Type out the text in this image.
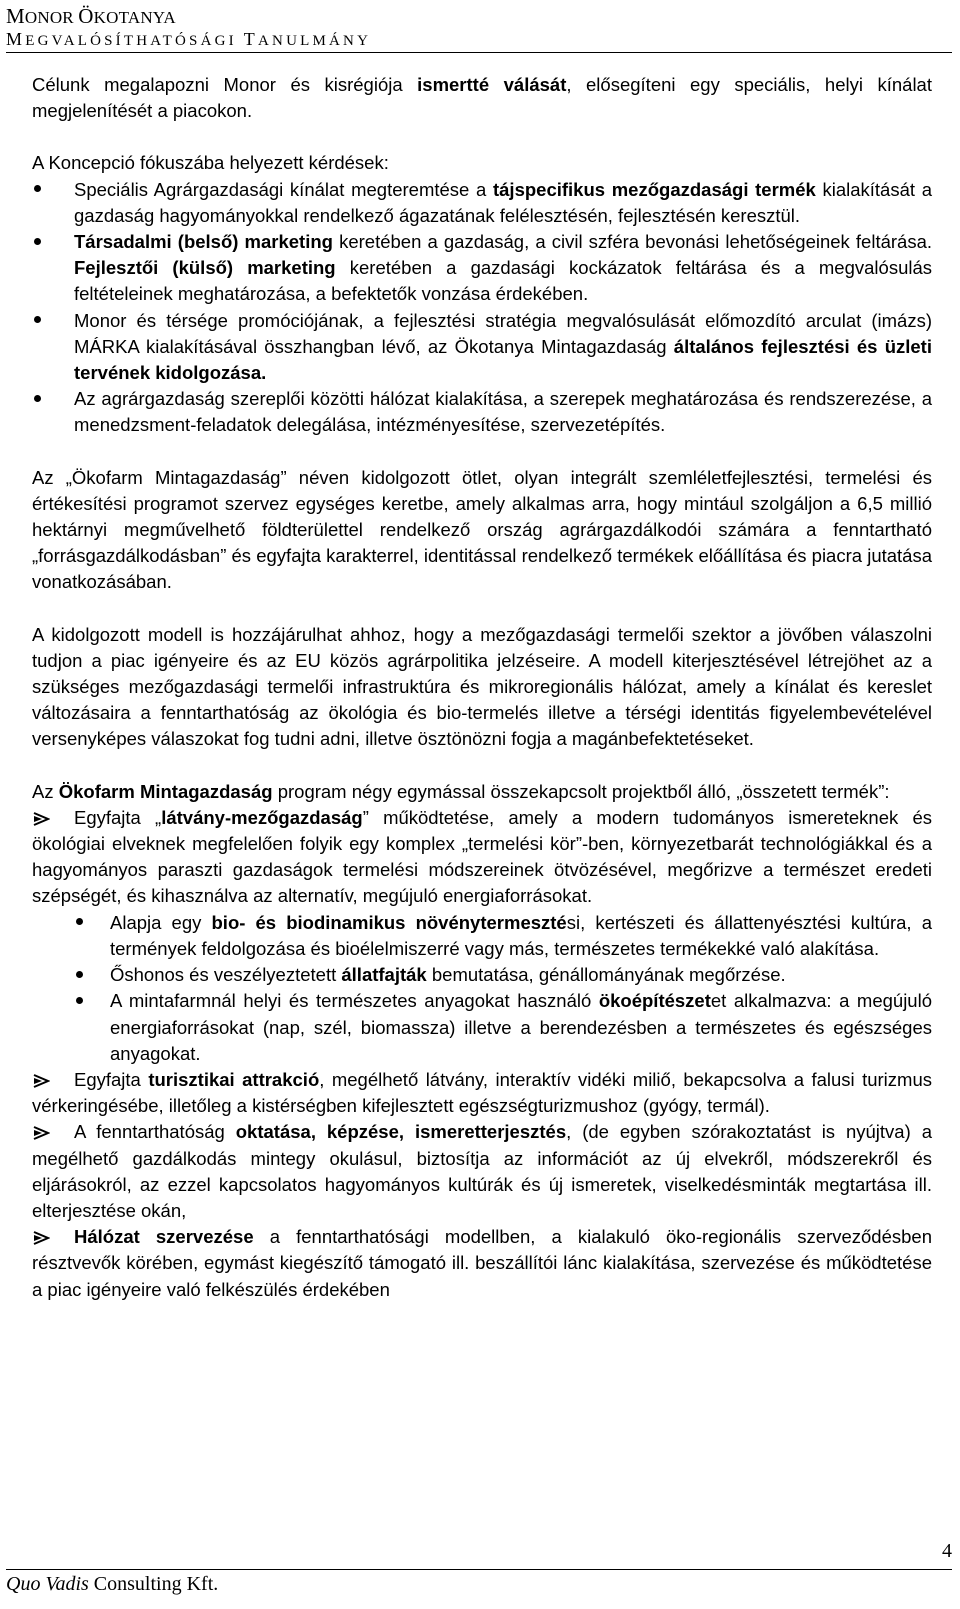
MONOR ÖKOTANYA
MEGVALÓSÍTHATÓSÁGI TANULMÁNY

Célunk megalapozni Monor és kisrégiója ismertté válását, elősegíteni egy speciális, helyi kínálat megjelenítését a piacokon.

A Koncepció fókuszába helyezett kérdések:

Speciális Agrárgazdasági kínálat megteremtése a tájspecifikus mezőgazdasági termék kialakítását a gazdaság hagyományokkal rendelkező ágazatának felélesztésén, fejlesztésén keresztül.
Társadalmi (belső) marketing keretében a gazdaság, a civil szféra bevonási lehetőségeinek feltárása. Fejlesztői (külső) marketing keretében a gazdasági kockázatok feltárása és a megvalósulás feltételeinek meghatározása, a befektetők vonzása érdekében.
Monor és térsége promóciójának, a fejlesztési stratégia megvalósulását előmozdító arculat (imázs) MÁRKA kialakításával összhangban lévő, az Ökotanya Mintagazdaság általános fejlesztési és üzleti tervének kidolgozása.
Az agrárgazdaság szereplői közötti hálózat kialakítása, a szerepek meghatározása és rendszerezése, a menedzsment-feladatok delegálása, intézményesítése, szervezetépítés.

Az „Ökofarm Mintagazdaság” néven kidolgozott ötlet, olyan integrált szemléletfejlesztési, termelési és értékesítési programot szervez egységes keretbe, amely alkalmas arra, hogy mintául szolgáljon a 6,5 millió hektárnyi megművelhető földterülettel rendelkező ország agrárgazdálkodói számára a fenntartható „forrásgazdálkodásban” és egyfajta karakterrel, identitással rendelkező termékek előállítása és piacra jutatása vonatkozásában.

A kidolgozott modell is hozzájárulhat ahhoz, hogy a mezőgazdasági termelői szektor a jövőben válaszolni tudjon a piac igényeire és az EU közös agrárpolitika jelzéseire. A modell kiterjesztésével létrejöhet az a szükséges mezőgazdasági termelői infrastruktúra és mikroregionális hálózat, amely a kínálat és kereslet változásaira a fenntarthatóság az ökológia és bio-termelés illetve a térségi identitás figyelembevételével versenyképes válaszokat fog tudni adni, illetve ösztönözni fogja a magánbefektetéseket.

Az Ökofarm Mintagazdaság program négy egymással összekapcsolt projektből álló, „összetett termék”:

Egyfajta „látvány-mezőgazdaság” működtetése, amely a modern tudományos ismereteknek és ökológiai elveknek megfelelően folyik egy komplex „termelési kör”-ben, környezetbarát technológiákkal és a hagyományos paraszti gazdaságok termelési módszereinek ötvözésével, megőrizve a természet eredeti szépségét, és kihasználva az alternatív, megújuló energiaforrásokat.
Alapja egy bio- és biodinamikus növénytermesztési, kertészeti és állattenyésztési kultúra, a termények feldolgozása és bioélelmiszerré vagy más, természetes termékekké való alakítása.
Őshonos és veszélyeztetett állatfajták bemutatása, génállományának megőrzése.
A mintafarmnál helyi és természetes anyagokat használó ökoépítészetet alkalmazva: a megújuló energiaforrásokat (nap, szél, biomassza) illetve a berendezésben a természetes és egészséges anyagokat.
Egyfajta turisztikai attrakció, megélhető látvány, interaktív vidéki miliő, bekapcsolva a falusi turizmus vérkeringésébe, illetőleg a kistérségben kifejlesztett egészségturizmushoz (gyógy, termál).
A fenntarthatóság oktatása, képzése, ismeretterjesztés, (de egyben szórakoztatást is nyújtva) a megélhető gazdálkodás mintegy okulásul, biztosítja az információt az új elvekről, módszerekről és eljárásokról, az ezzel kapcsolatos hagyományos kultúrák és új ismeretek, viselkedésminták megtartása ill. elterjesztése okán,
Hálózat szervezése a fenntarthatósági modellben, a kialakuló öko-regionális szerveződésben résztvevők körében, egymást kiegészítő támogató ill. beszállítói lánc kialakítása, szervezése és működtetése a piac igényeire való felkészülés érdekében
4
Quo Vadis Consulting Kft.
